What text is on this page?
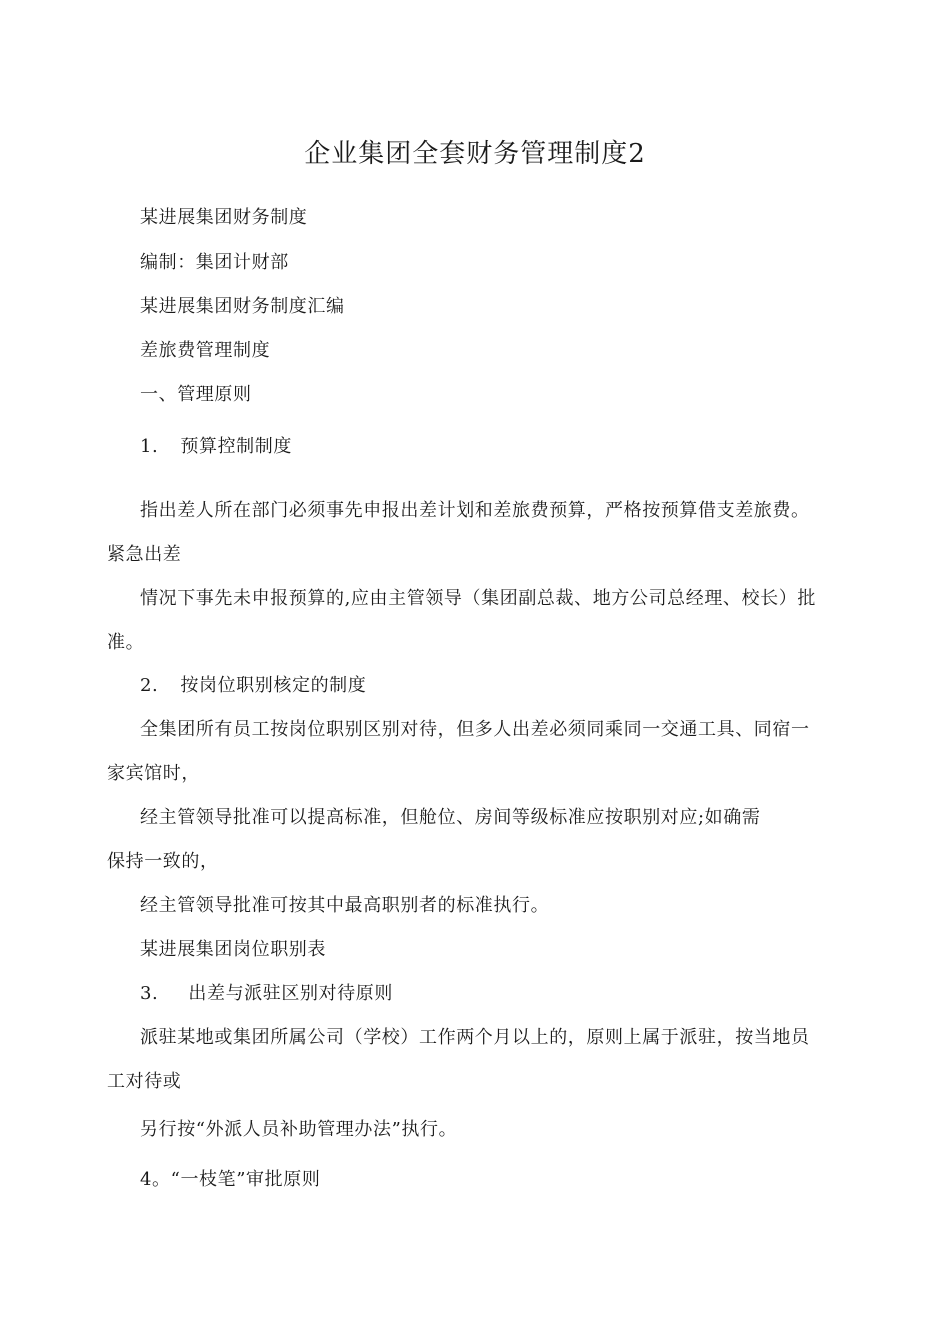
企业集团全套财务管理制度2
某进展集团财务制度
编制：集团计财部
某进展集团财务制度汇编
差旅费管理制度
一、管理原则
1. 预算控制制度
指出差人所在部门必须事先申报出差计划和差旅费预算，严格按预算借支差旅费。
紧急出差
情况下事先未申报预算的,应由主管领导（集团副总裁、地方公司总经理、校长）批
准。
2. 按岗位职别核定的制度
全集团所有员工按岗位职别区别对待，但多人出差必须同乘同一交通工具、同宿一
家宾馆时，
经主管领导批准可以提高标准，但舱位、房间等级标准应按职别对应;如确需
保持一致的，
经主管领导批准可按其中最高职别者的标准执行。
某进展集团岗位职别表
3. 出差与派驻区别对待原则
派驻某地或集团所属公司（学校）工作两个月以上的，原则上属于派驻，按当地员
工对待或
另行按“外派人员补助管理办法”执行。
4。“一枝笔”审批原则
